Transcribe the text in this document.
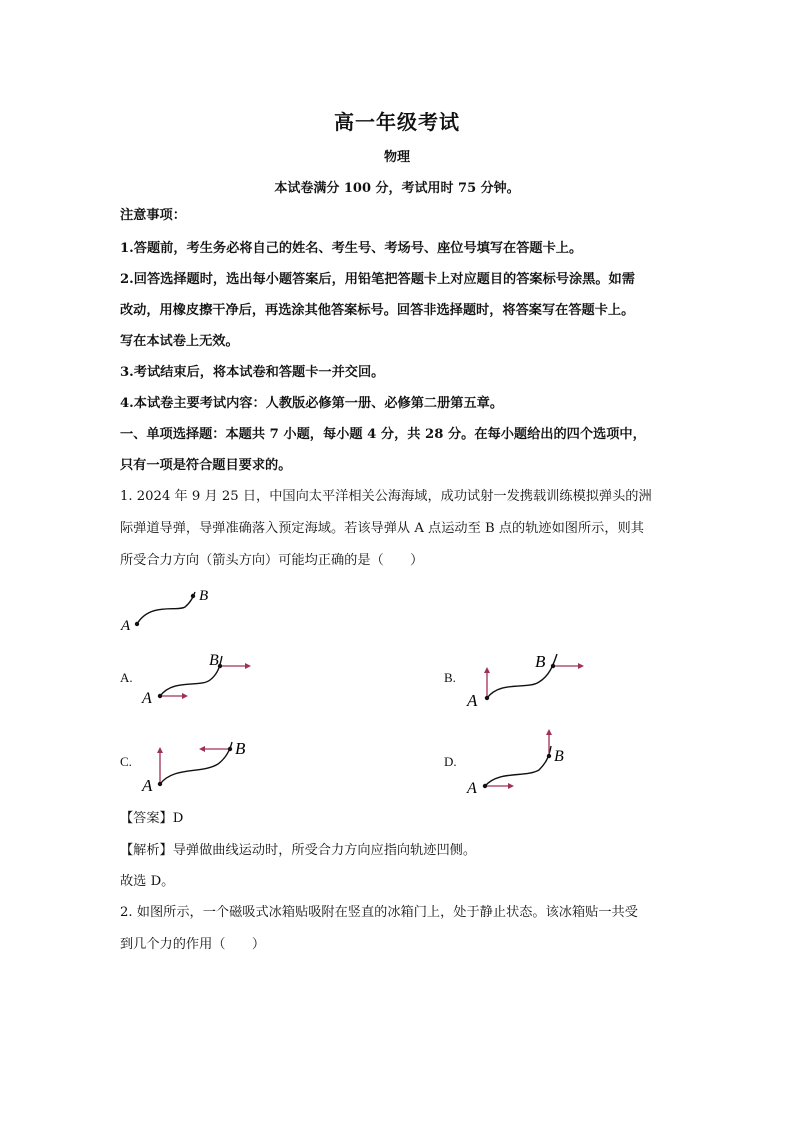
高一年级考试
物理
本试卷满分 100 分，考试用时 75 分钟。
注意事项：
1.答题前，考生务必将自己的姓名、考生号、考场号、座位号填写在答题卡上。
2.回答选择题时，选出每小题答案后，用铅笔把答题卡上对应题目的答案标号涂黑。如需
改动，用橡皮擦干净后，再选涂其他答案标号。回答非选择题时，将答案写在答题卡上。
写在本试卷上无效。
3.考试结束后，将本试卷和答题卡一并交回。
4.本试卷主要考试内容：人教版必修第一册、必修第二册第五章。
一、单项选择题：本题共 7 小题，每小题 4 分，共 28 分。在每小题给出的四个选项中，
只有一项是符合题目要求的。
1. 2024 年 9 月 25 日，中国向太平洋相关公海海域，成功试射一发携载训练模拟弹头的洲
际弹道导弹，导弹准确落入预定海域。若该导弹从 A 点运动至 B 点的轨迹如图所示，则其
所受合力方向（箭头方向）可能均正确的是（　　）
A
B
A.
A
B
B.
A
B
C.
A
B
D.
A
B
【答案】D
【解析】导弹做曲线运动时，所受合力方向应指向轨迹凹侧。
故选 D。
2. 如图所示，一个磁吸式冰箱贴吸附在竖直的冰箱门上，处于静止状态。该冰箱贴一共受
到几个力的作用（　　）
